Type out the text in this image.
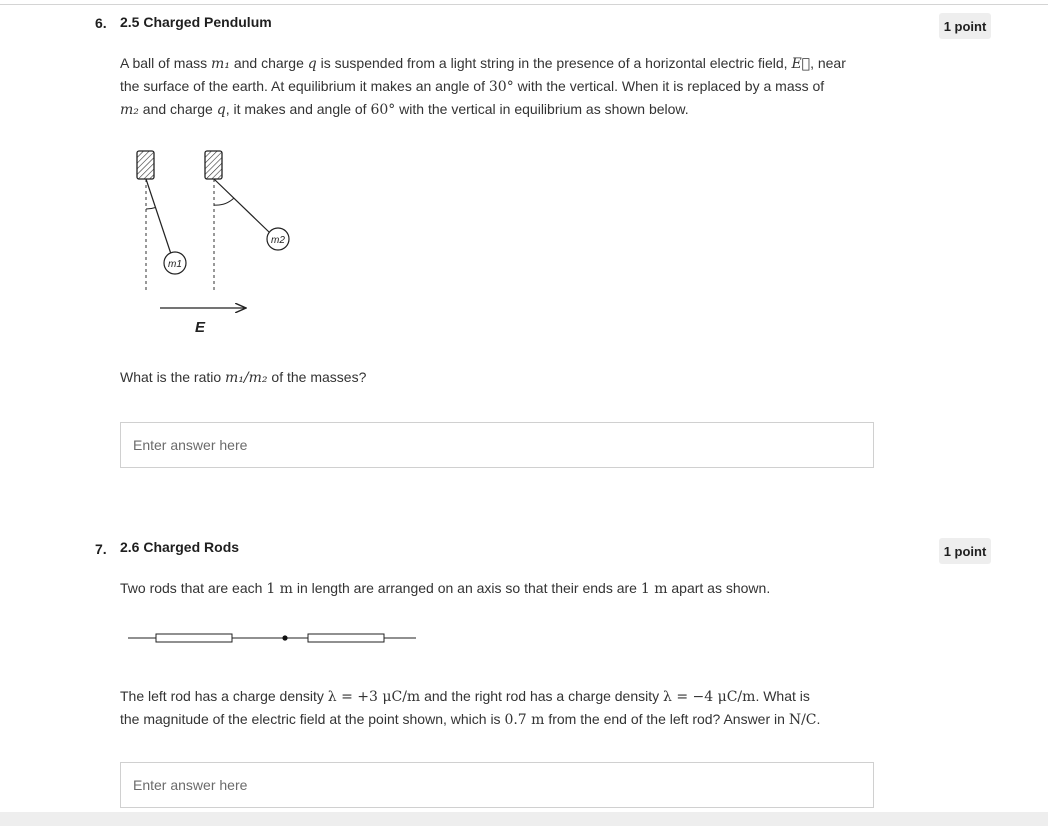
6. 2.5 Charged Pendulum	1 point
A ball of mass m₁ and charge q is suspended from a light string in the presence of a horizontal electric field, E⃗, near
the surface of the earth. At equilibrium it makes an angle of 30° with the vertical. When it is replaced by a mass of
m₂ and charge q, it makes and angle of 60° with the vertical in equilibrium as shown below.
m1
m2
E
What is the ratio m₁/m₂ of the masses?
Enter answer here
7. 2.6 Charged Rods	1 point
Two rods that are each 1 m in length are arranged on an axis so that their ends are 1 m apart as shown.
The left rod has a charge density λ = +3 μC/m and the right rod has a charge density λ = −4 μC/m. What is
the magnitude of the electric field at the point shown, which is 0.7 m from the end of the left rod? Answer in N/C.
Enter answer here
